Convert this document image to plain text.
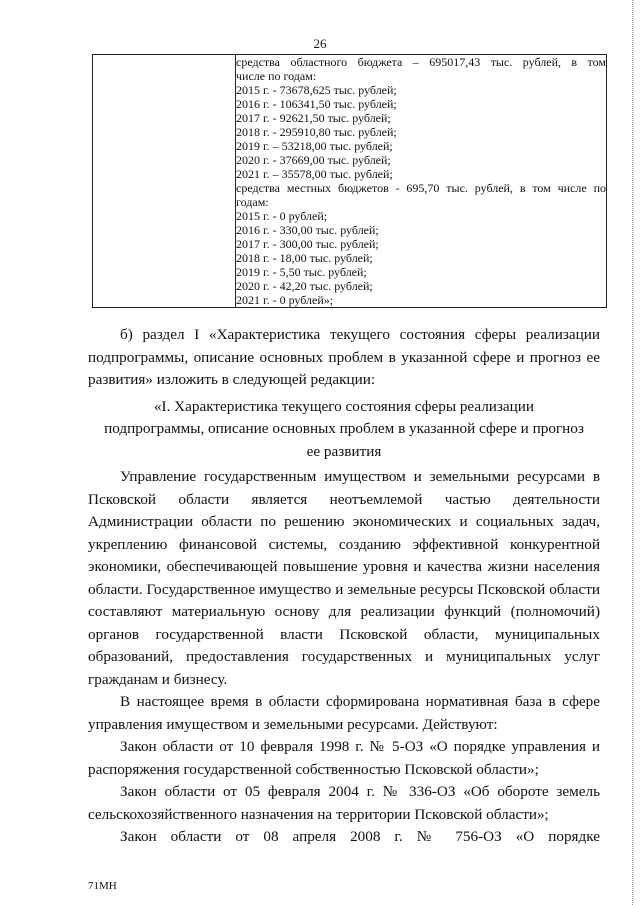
26

средства областного бюджета – 695017,43 тыс. рублей, в том
числе по годам:
2015 г. - 73678,625 тыс. рублей;
2016 г. - 106341,50 тыс. рублей;
2017 г. - 92621,50 тыс. рублей;
2018 г. - 295910,80 тыс. рублей;
2019 г. – 53218,00 тыс. рублей;
2020 г. - 37669,00 тыс. рублей;
2021 г. – 35578,00 тыс. рублей;
средства местных бюджетов - 695,70 тыс. рублей, в том числе по
годам:
2015 г. - 0 рублей;
2016 г. - 330,00 тыс. рублей;
2017 г. - 300,00 тыс. рублей;
2018 г. - 18,00 тыс. рублей;
2019 г. - 5,50 тыс. рублей;
2020 г. - 42,20 тыс. рублей;
2021 г. - 0 рублей»;

б) раздел I «Характеристика текущего состояния сферы реализации подпрограммы, описание основных проблем в указанной сфере и прогноз ее развития» изложить в следующей редакции:

«I. Характеристика текущего состояния сферы реализации
подпрограммы, описание основных проблем в указанной сфере и прогноз
ее развития

Управление государственным имуществом и земельными ресурсами в Псковской области является неотъемлемой частью деятельности Администрации области по решению экономических и социальных задач, укреплению финансовой системы, созданию эффективной конкурентной экономики, обеспечивающей повышение уровня и качества жизни населения области. Государственное имущество и земельные ресурсы Псковской области составляют материальную основу для реализации функций (полномочий) органов государственной власти Псковской области, муниципальных образований, предоставления государственных и муниципальных услуг гражданам и бизнесу.

В настоящее время в области сформирована нормативная база в сфере управления имуществом и земельными ресурсами. Действуют:

Закон области от 10 февраля 1998 г. № 5-ОЗ «О порядке управления и распоряжения государственной собственностью Псковской области»;

Закон области от 05 февраля 2004 г. № 336-ОЗ «Об обороте земель сельскохозяйственного назначения на территории Псковской области»;

Закон области от 08 апреля 2008 г. № 756-ОЗ «О порядке

71МН
